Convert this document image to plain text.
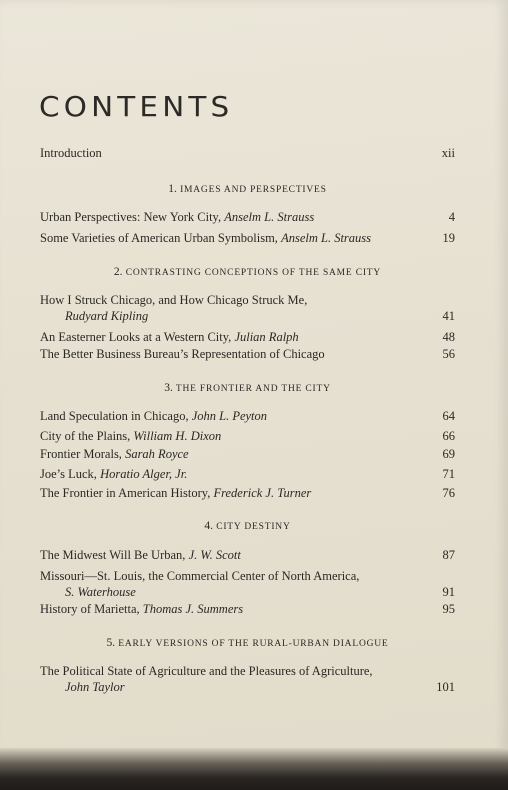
CONTENTS
Introduction	xii
1. IMAGES AND PERSPECTIVES
Urban Perspectives: New York City, Anselm L. Strauss	4
Some Varieties of American Urban Symbolism, Anselm L. Strauss	19
2. CONTRASTING CONCEPTIONS OF THE SAME CITY
How I Struck Chicago, and How Chicago Struck Me,
Rudyard Kipling	41
An Easterner Looks at a Western City, Julian Ralph	48
The Better Business Bureau’s Representation of Chicago	56
3. THE FRONTIER AND THE CITY
Land Speculation in Chicago, John L. Peyton	64
City of the Plains, William H. Dixon	66
Frontier Morals, Sarah Royce	69
Joe’s Luck, Horatio Alger, Jr.	71
The Frontier in American History, Frederick J. Turner	76
4. CITY DESTINY
The Midwest Will Be Urban, J. W. Scott	87
Missouri—St. Louis, the Commercial Center of North America,
S. Waterhouse	91
History of Marietta, Thomas J. Summers	95
5. EARLY VERSIONS OF THE RURAL-URBAN DIALOGUE
The Political State of Agriculture and the Pleasures of Agriculture,
John Taylor	101
